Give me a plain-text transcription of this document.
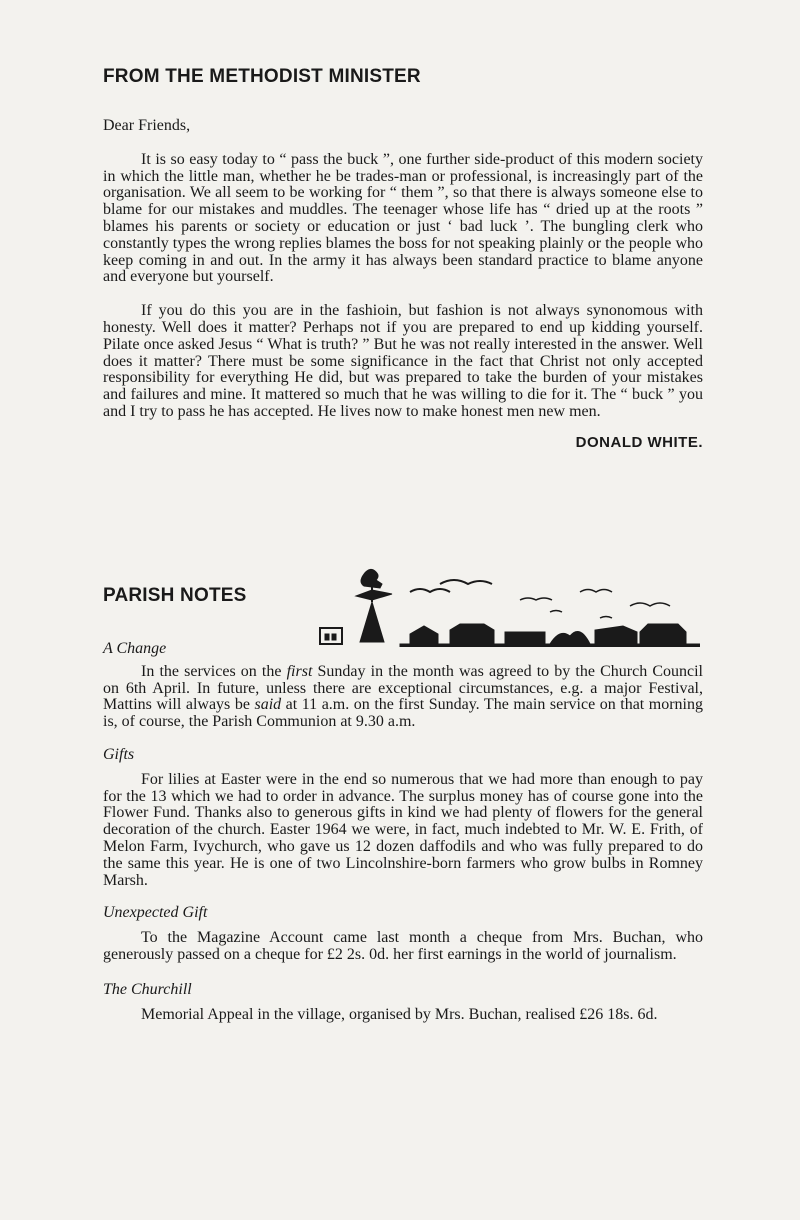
FROM THE METHODIST MINISTER

Dear Friends,

It is so easy today to “ pass the buck ”, one further side-product of this modern society in which the little man, whether he be trades-man or professional, is increasingly part of the organisation. We all seem to be working for “ them ”, so that there is always someone else to blame for our mistakes and muddles. The teenager whose life has “ dried up at the roots ” blames his parents or society or education or just ‘ bad luck ’. The bungling clerk who constantly types the wrong replies blames the boss for not speaking plainly or the people who keep coming in and out. In the army it has always been standard practice to blame anyone and everyone but yourself.

If you do this you are in the fashioin, but fashion is not always synonomous with honesty. Well does it matter? Perhaps not if you are prepared to end up kidding yourself. Pilate once asked Jesus “ What is truth? ” But he was not really interested in the answer. Well does it matter? There must be some significance in the fact that Christ not only accepted responsibility for everything He did, but was prepared to take the burden of your mistakes and failures and mine. It mattered so much that he was willing to die for it. The “ buck ” you and I try to pass he has accepted. He lives now to make honest men new men.

DONALD WHITE.

PARISH NOTES

A Change

In the services on the first Sunday in the month was agreed to by the Church Council on 6th April. In future, unless there are exceptional circumstances, e.g. a major Festival, Mattins will always be said at 11 a.m. on the first Sunday. The main service on that morning is, of course, the Parish Communion at 9.30 a.m.

Gifts

For lilies at Easter were in the end so numerous that we had more than enough to pay for the 13 which we had to order in advance. The surplus money has of course gone into the Flower Fund. Thanks also to generous gifts in kind we had plenty of flowers for the general decoration of the church. Easter 1964 we were, in fact, much indebted to Mr. W. E. Frith, of Melon Farm, Ivychurch, who gave us 12 dozen daffodils and who was fully prepared to do the same this year. He is one of two Lincolnshire-born farmers who grow bulbs in Romney Marsh.

Unexpected Gift

To the Magazine Account came last month a cheque from Mrs. Buchan, who generously passed on a cheque for £2 2s. 0d. her first earnings in the world of journalism.

The Churchill

Memorial Appeal in the village, organised by Mrs. Buchan, realised £26 18s. 6d.
